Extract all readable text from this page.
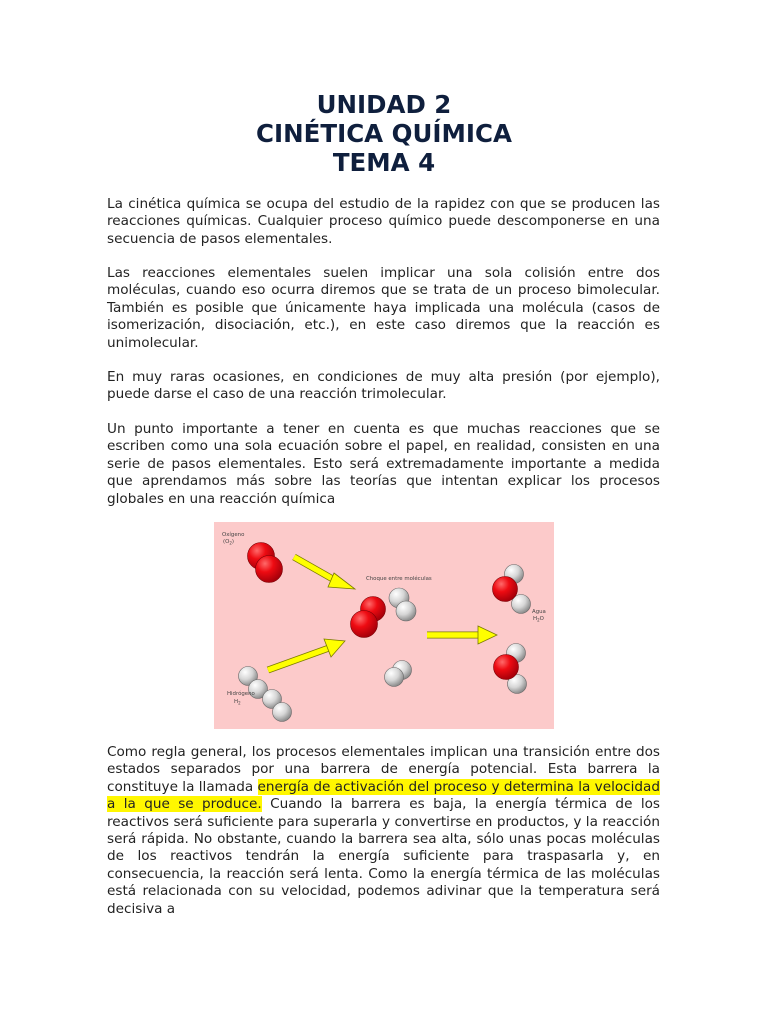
UNIDAD 2
CINÉTICA QUÍMICA
TEMA 4

La cinética química se ocupa del estudio de la rapidez con que se producen las reacciones químicas. Cualquier proceso químico puede descomponerse en una secuencia de pasos elementales.

Las reacciones elementales suelen implicar una sola colisión entre dos moléculas, cuando eso ocurra diremos que se trata de un proceso bimolecular. También es posible que únicamente haya implicada una molécula (casos de isomerización, disociación, etc.), en este caso diremos que la reacción es unimolecular.

En muy raras ocasiones, en condiciones de muy alta presión (por ejemplo), puede darse el caso de una reacción trimolecular.

Un punto importante a tener en cuenta es que muchas reacciones que se escriben como una sola ecuación sobre el papel, en realidad, consisten en una serie de pasos elementales. Esto será extremadamente importante a medida que aprendamos más sobre las teorías que intentan explicar los procesos globales en una reacción química

Oxígeno
$(O_2)$
Choque entre moléculas
Agua
$H_2O$
Hidrógeno
$H_2$

Como regla general, los procesos elementales implican una transición entre dos estados separados por una barrera de energía potencial. Esta barrera la constituye la llamada energía de activación del proceso y determina la velocidad a la que se produce. Cuando la barrera es baja, la energía térmica de los reactivos será suficiente para superarla y convertirse en productos, y la reacción será rápida. No obstante, cuando la barrera sea alta, sólo unas pocas moléculas de los reactivos tendrán la energía suficiente para traspasarla y, en consecuencia, la reacción será lenta. Como la energía térmica de las moléculas está relacionada con su velocidad, podemos adivinar que la temperatura será decisiva a
